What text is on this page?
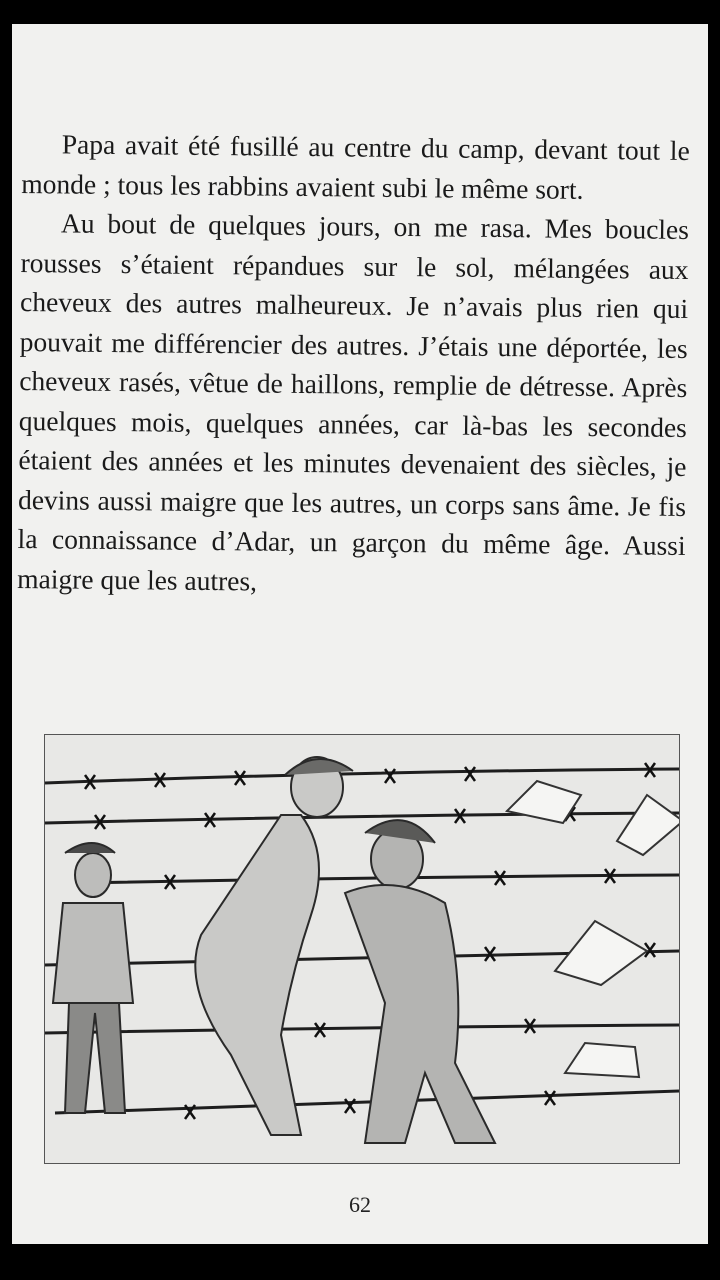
Papa avait été fusillé au centre du camp, devant tout le monde ; tous les rabbins avaient subi le même sort.

Au bout de quelques jours, on me rasa. Mes boucles rousses s’étaient répandues sur le sol, mélangées aux cheveux des autres malheureux. Je n’avais plus rien qui pouvait me différencier des autres. J’étais une déportée, les cheveux rasés, vêtue de haillons, remplie de détresse. Après quelques mois, quelques années, car là-bas les secondes étaient des années et les minutes devenaient des siècles, je devins aussi maigre que les autres, un corps sans âme. Je fis la connaissance d’Adar, un garçon du même âge. Aussi maigre que les autres,

62
